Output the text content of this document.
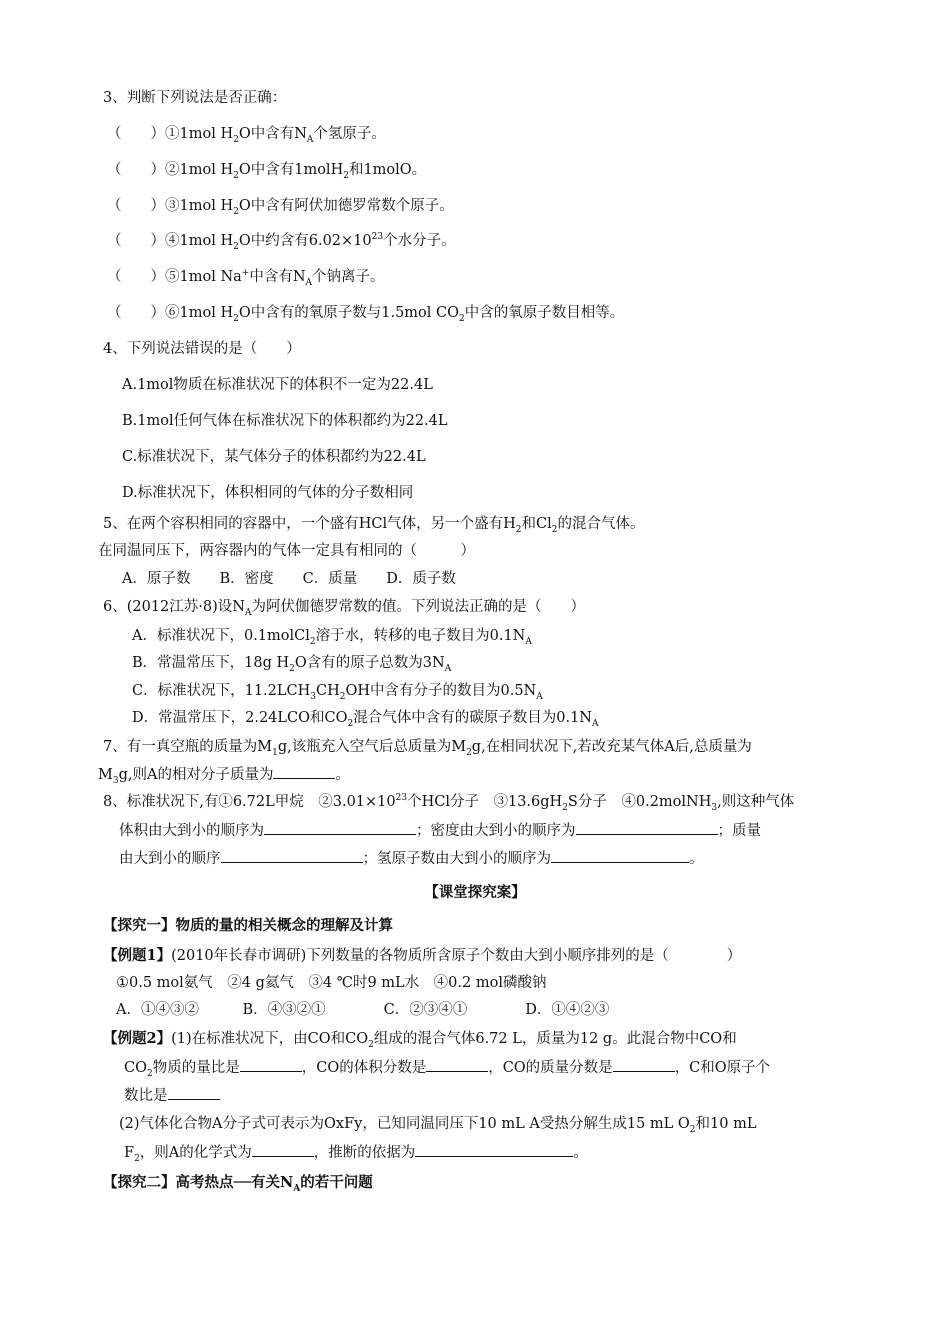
3、判断下列说法是否正确：
（　　）①1mol $H_2O$中含有$N_A$个氢原子。
（　　）②1mol $H_2O$中含有1molH$_2$和1molO。
（　　）③1mol $H_2O$中含有阿伏加德罗常数个原子。
（　　）④1mol $H_2O$中约含有$6.02\times 10^{23}$个水分子。
（　　）⑤1mol Na+中含有$N_A$个钠离子。
（　　）⑥1mol $H_2O$中含有的氧原子数与1.5mol $CO_2$中含的氧原子数目相等。
4、下列说法错误的是（　　）
A.1mol物质在标准状况下的体积不一定为22.4L
B.1mol任何气体在标准状况下的体积都约为22.4L
C.标准状况下，某气体分子的体积都约为22.4L
D.标准状况下，体积相同的气体的分子数相同
5、在两个容积相同的容器中，一个盛有HCl气体，另一个盛有$H_2$和$Cl_2$的混合气体。
在同温同压下，两容器内的气体一定具有相同的（　　　）
A．原子数　　B．密度　　C．质量　　D．质子数
6、(2012江苏·8)设$N_A$为阿伏伽德罗常数的值。下列说法正确的是（　　）
A．标准状况下，0.1molCl$_2$溶于水，转移的电子数目为$0.1N_A$
B．常温常压下，18g $H_2O$含有的原子总数为$3N_A$
C．标准状况下，$11.2LCH_3CH_2OH$中含有分子的数目为$0.5N_A$
D．常温常压下，2.24LCO和$CO_2$混合气体中含有的碳原子数目为$0.1N_A$
7、有一真空瓶的质量为$M_1g$,该瓶充入空气后总质量为$M_2g$,在相同状况下,若改充某气体A后,总质量为
$M_3g$,则A的相对分子质量为	。
8、标准状况下,有①6.72L甲烷　$②3.01\times 10^{23}$个HCl分子　$③13.6gH_2S$分子　④0.2molNH$_3$,则这种气体
体积由大到小的顺序为	；密度由大到小的顺序为	；质量
由大到小的顺序	；氢原子数由大到小的顺序为	。
【课堂探究案】
【探究一】物质的量的相关概念的理解及计算
【例题1】(2010年长春市调研)下列数量的各物质所含原子个数由大到小顺序排列的是（　　　　）
①0.5 mol氨气　②4 g氦气　③4 ℃时9 mL水　④0.2 mol磷酸钠
A．①④③②　　　B．④③②①　　　　C．②③④①　　　　D．①④②③
【例题2】(1)在标准状况下，由CO和$CO_2$组成的混合气体6.72 L，质量为12 g。此混合物中CO和
$CO_2$物质的量比是	，CO的体积分数是	，CO的质量分数是	，C和O原子个
数比是
(2)气体化合物A分子式可表示为OxFy，已知同温同压下10 mL A受热分解生成15 mL $O_2$和10 mL
$F_2$，则A的化学式为	，推断的依据为	。
【探究二】高考热点──有关$N_A$的若干问题
